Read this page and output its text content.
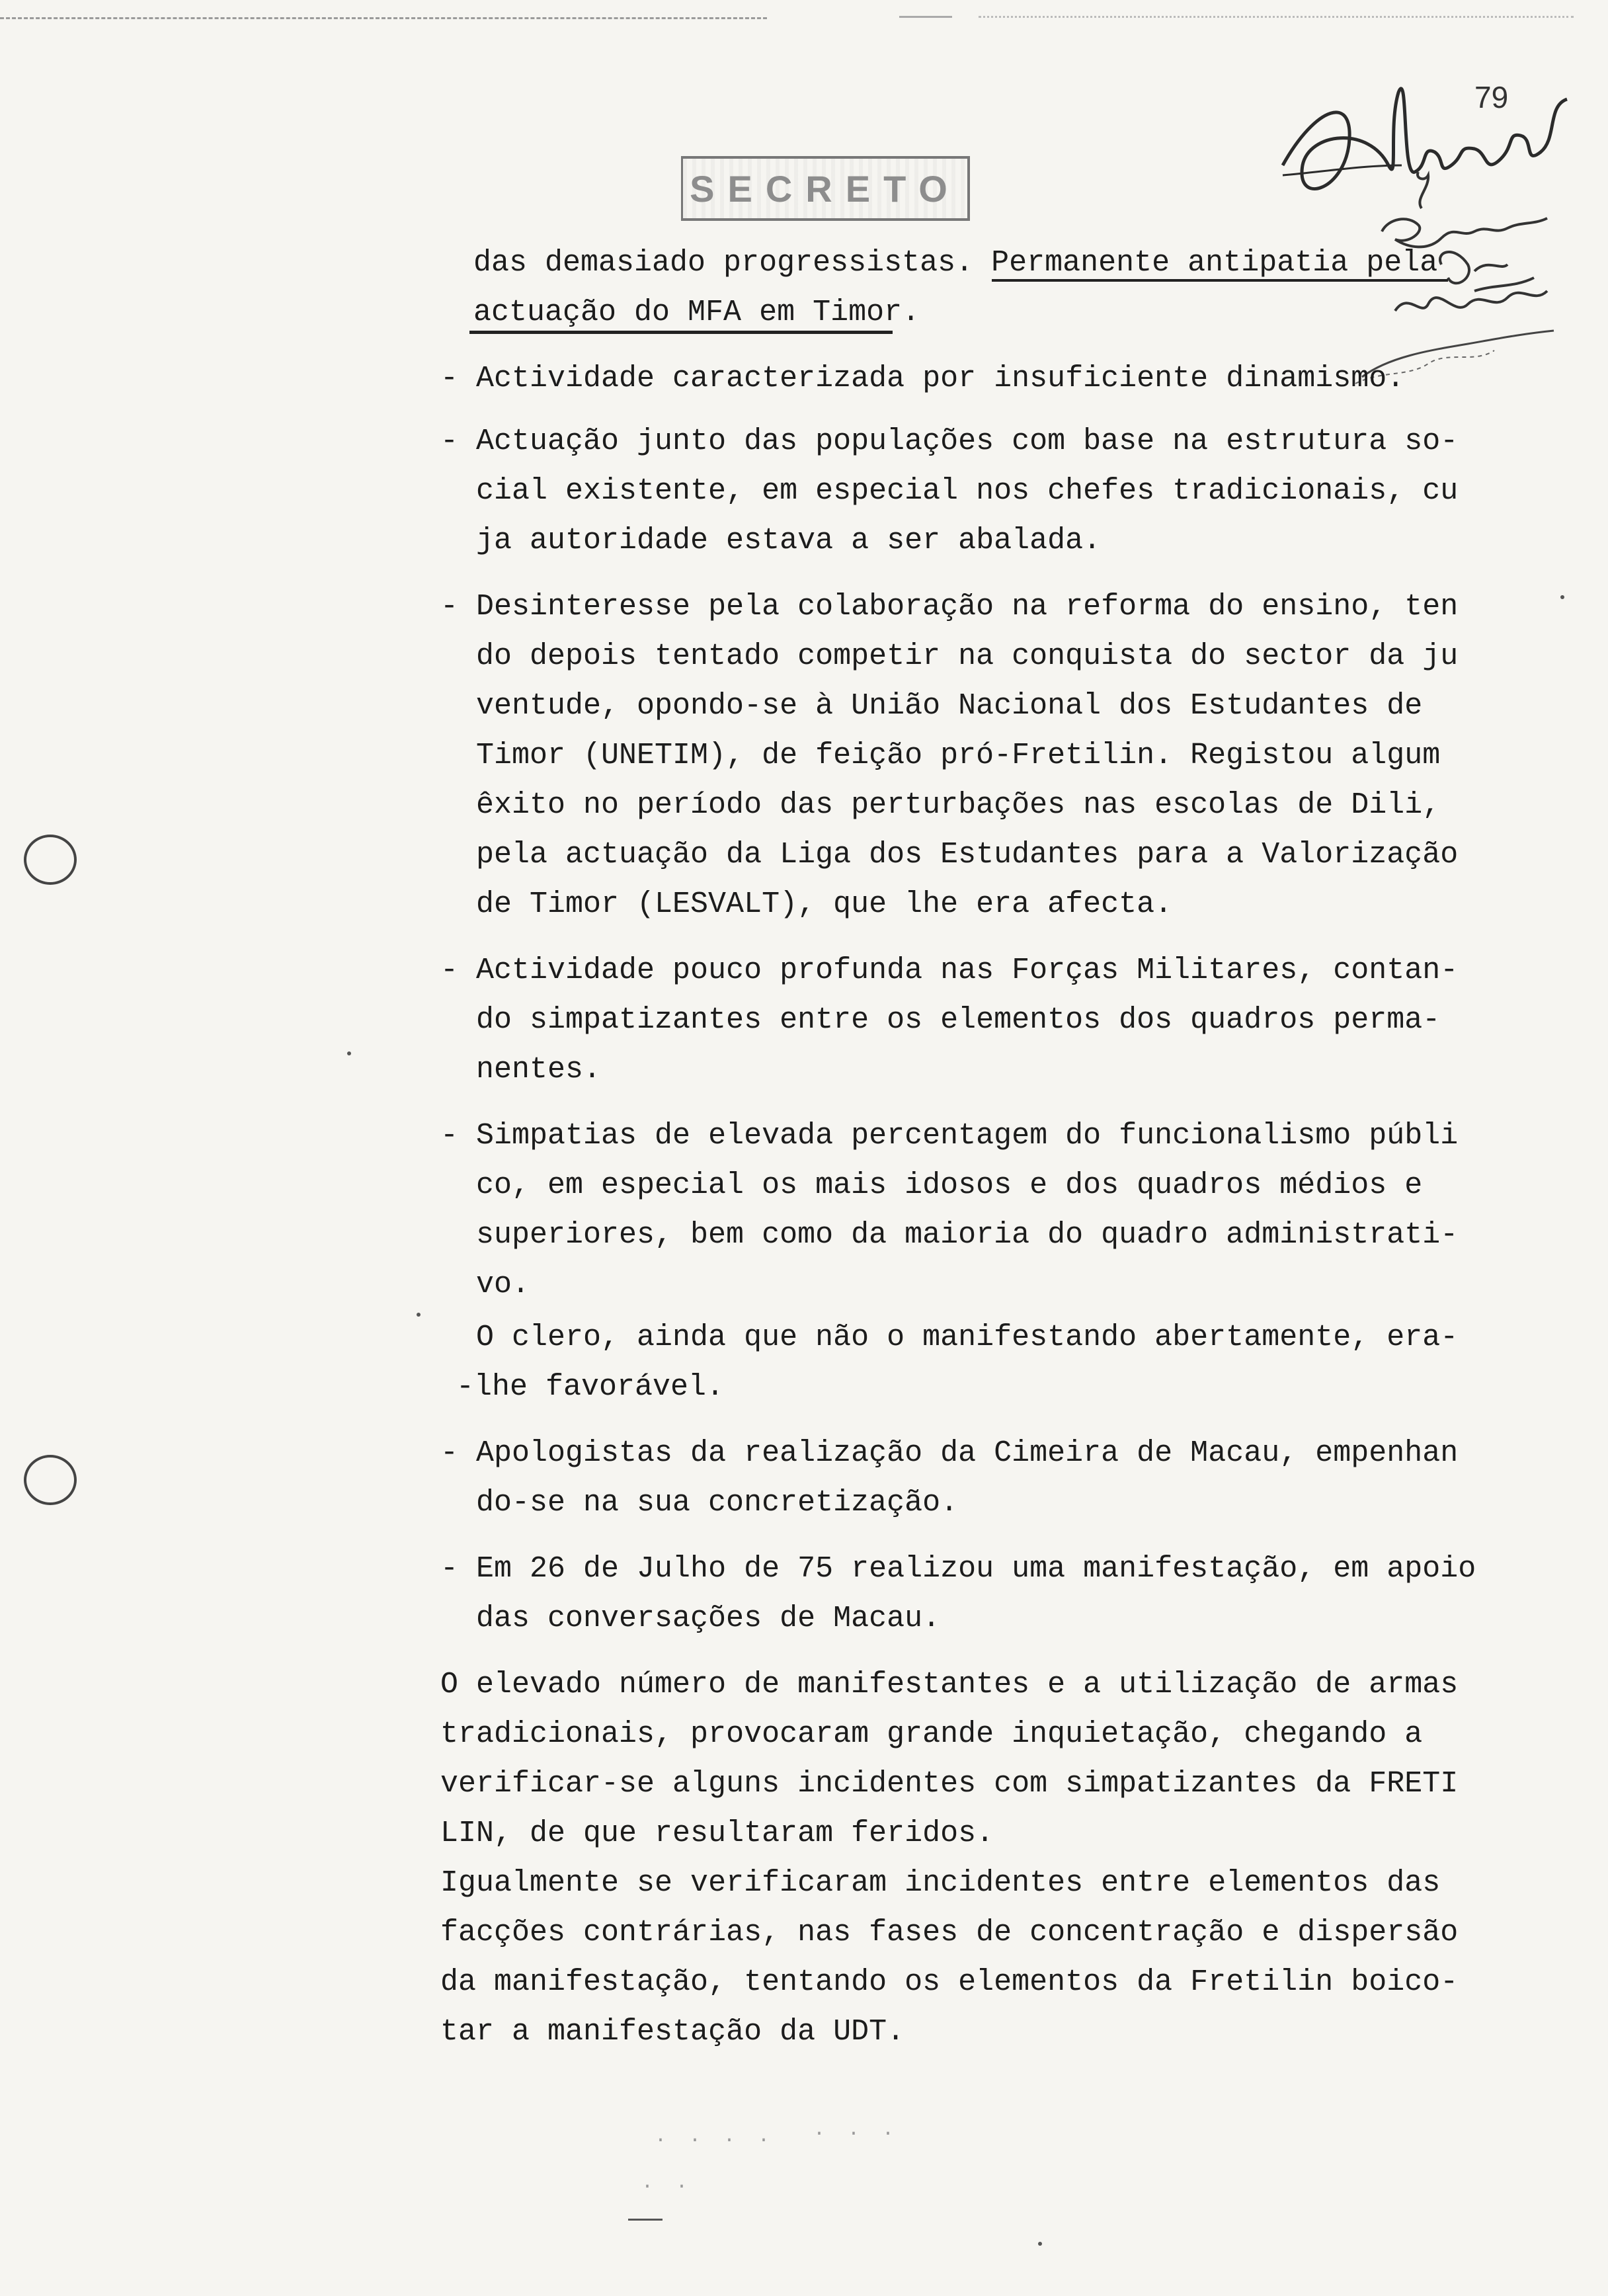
SECRETO
79
das demasiado progressistas. Permanente antipatia pela
actuação do MFA em Timor.
- Actividade caracterizada por insuficiente dinamismo.
- Actuação junto das populações com base na estrutura so-
cial existente, em especial nos chefes tradicionais, cu
ja autoridade estava a ser abalada.
- Desinteresse pela colaboração na reforma do ensino, ten
do depois tentado competir na conquista do sector da ju
ventude, opondo-se à União Nacional dos Estudantes de
Timor (UNETIM), de feição pró-Fretilin. Registou algum
êxito no período das perturbações nas escolas de Dili,
pela actuação da Liga dos Estudantes para a Valorização
de Timor (LESVALT), que lhe era afecta.
- Actividade pouco profunda nas Forças Militares, contan-
do simpatizantes entre os elementos dos quadros perma-
nentes.
- Simpatias de elevada percentagem do funcionalismo públi
co, em especial os mais idosos e dos quadros médios e
superiores, bem como da maioria do quadro administrati-
vo.
O clero, ainda que não o manifestando abertamente, era-
-lhe favorável.
- Apologistas da realização da Cimeira de Macau, empenhan
do-se na sua concretização.
- Em 26 de Julho de 75 realizou uma manifestação, em apoio
das conversações de Macau.
O elevado número de manifestantes e a utilização de armas
tradicionais, provocaram grande inquietação, chegando a
verificar-se alguns incidentes com simpatizantes da FRETI
LIN, de que resultaram feridos.
Igualmente se verificaram incidentes entre elementos das
facções contrárias, nas fases de concentração e dispersão
da manifestação, tentando os elementos da Fretilin boico-
tar a manifestação da UDT.
· · · · · · ·
· ·
